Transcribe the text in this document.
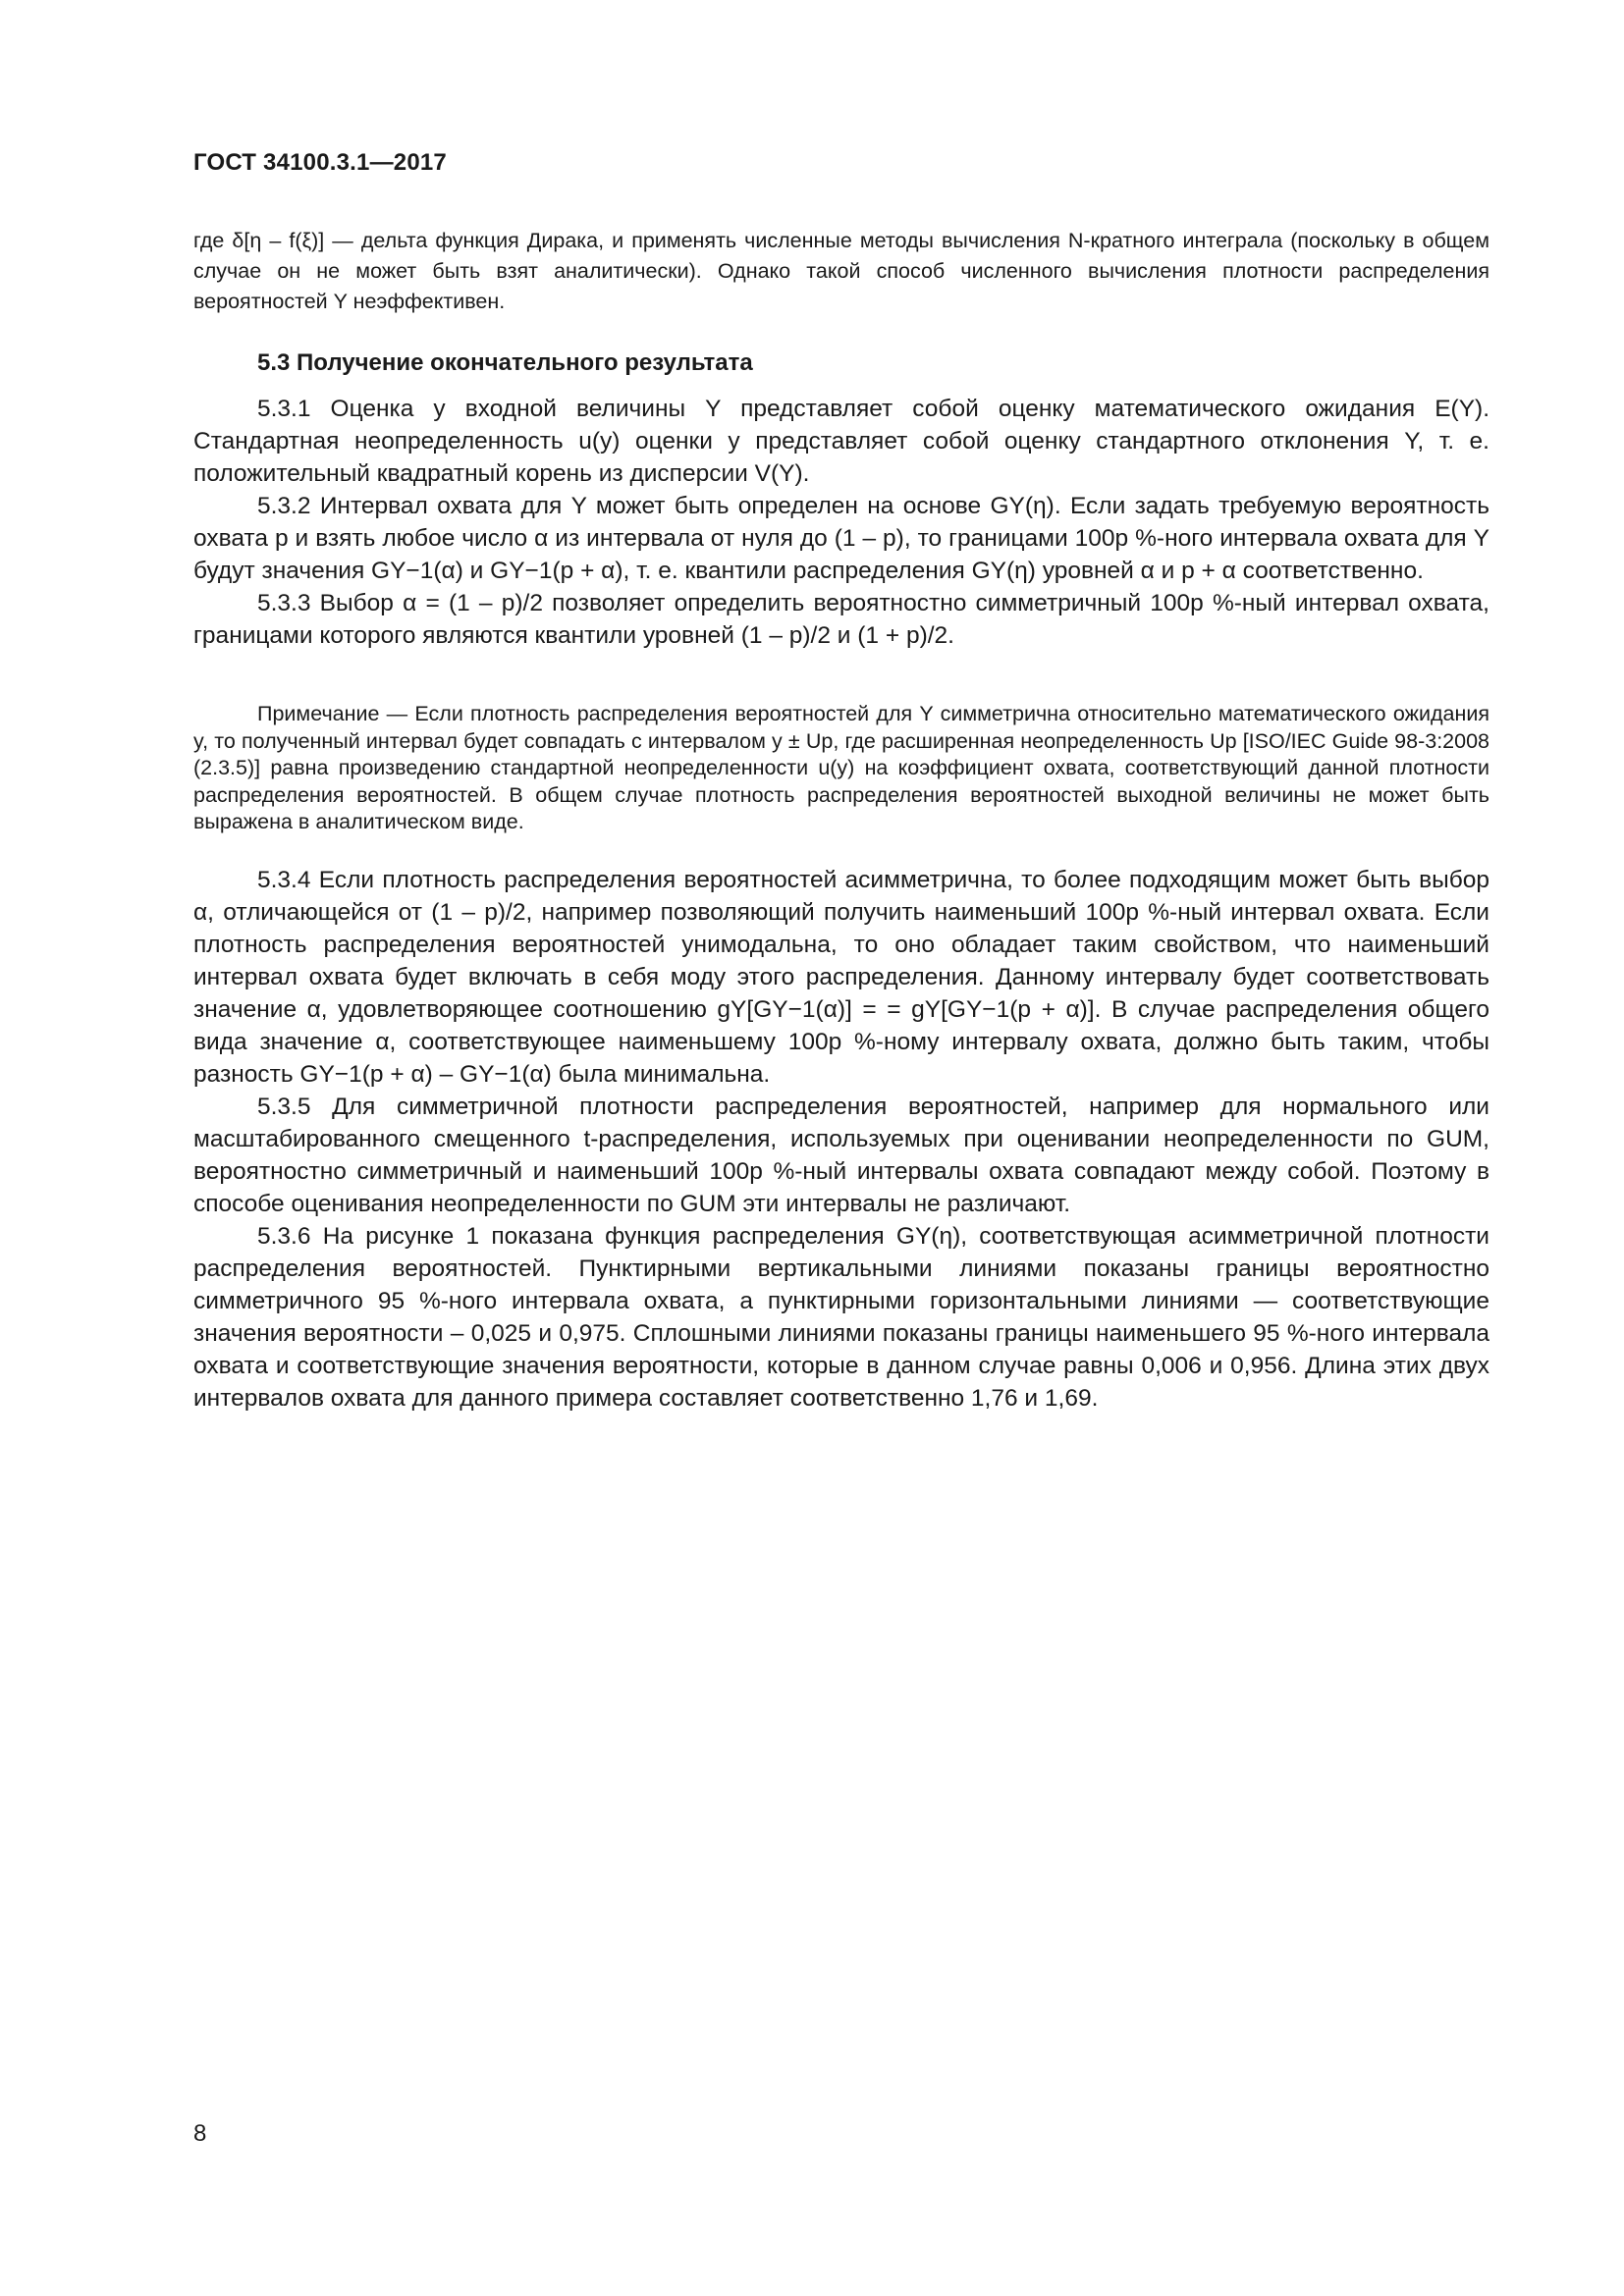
ГОСТ 34100.3.1—2017

где δ[η – f(ξ)] — дельта функция Дирака, и применять численные методы вычисления N-кратного интеграла (поскольку в общем случае он не может быть взят аналитически). Однако такой способ численного вычисления плотности распределения вероятностей Y неэффективен.

5.3 Получение окончательного результата

5.3.1 Оценка y входной величины Y представляет собой оценку математического ожидания E(Y). Стандартная неопределенность u(y) оценки y представляет собой оценку стандартного отклонения Y, т. е. положительный квадратный корень из дисперсии V(Y).

5.3.2 Интервал охвата для Y может быть определен на основе GY(η). Если задать требуемую вероятность охвата p и взять любое число α из интервала от нуля до (1 – p), то границами 100p %-ного интервала охвата для Y будут значения GY−1(α) и GY−1(p + α), т. е. квантили распределения GY(η) уровней α и p + α соответственно.

5.3.3 Выбор α = (1 – p)/2 позволяет определить вероятностно симметричный 100p %-ный интервал охвата, границами которого являются квантили уровней (1 – p)/2 и (1 + p)/2.

Примечание — Если плотность распределения вероятностей для Y симметрична относительно математического ожидания y, то полученный интервал будет совпадать с интервалом y ± Up, где расширенная неопределенность Up [ISO/IEC Guide 98-3:2008 (2.3.5)] равна произведению стандартной неопределенности u(y) на коэффициент охвата, соответствующий данной плотности распределения вероятностей. В общем случае плотность распределения вероятностей выходной величины не может быть выражена в аналитическом виде.

5.3.4 Если плотность распределения вероятностей асимметрична, то более подходящим может быть выбор α, отличающейся от (1 – p)/2, например позволяющий получить наименьший 100p %-ный интервал охвата. Если плотность распределения вероятностей унимодальна, то оно обладает таким свойством, что наименьший интервал охвата будет включать в себя моду этого распределения. Данному интервалу будет соответствовать значение α, удовлетворяющее соотношению gY[GY−1(α)] = = gY[GY−1(p + α)]. В случае распределения общего вида значение α, соответствующее наименьшему 100p %-ному интервалу охвата, должно быть таким, чтобы разность GY−1(p + α) – GY−1(α) была минимальна.

5.3.5 Для симметричной плотности распределения вероятностей, например для нормального или масштабированного смещенного t-распределения, используемых при оценивании неопределенности по GUM, вероятностно симметричный и наименьший 100p %-ный интервалы охвата совпадают между собой. Поэтому в способе оценивания неопределенности по GUM эти интервалы не различают.

5.3.6 На рисунке 1 показана функция распределения GY(η), соответствующая асимметричной плотности распределения вероятностей. Пунктирными вертикальными линиями показаны границы вероятностно симметричного 95 %-ного интервала охвата, а пунктирными горизонтальными линиями — соответствующие значения вероятности – 0,025 и 0,975. Сплошными линиями показаны границы наименьшего 95 %-ного интервала охвата и соответствующие значения вероятности, которые в данном случае равны 0,006 и 0,956. Длина этих двух интервалов охвата для данного примера составляет соответственно 1,76 и 1,69.

8
